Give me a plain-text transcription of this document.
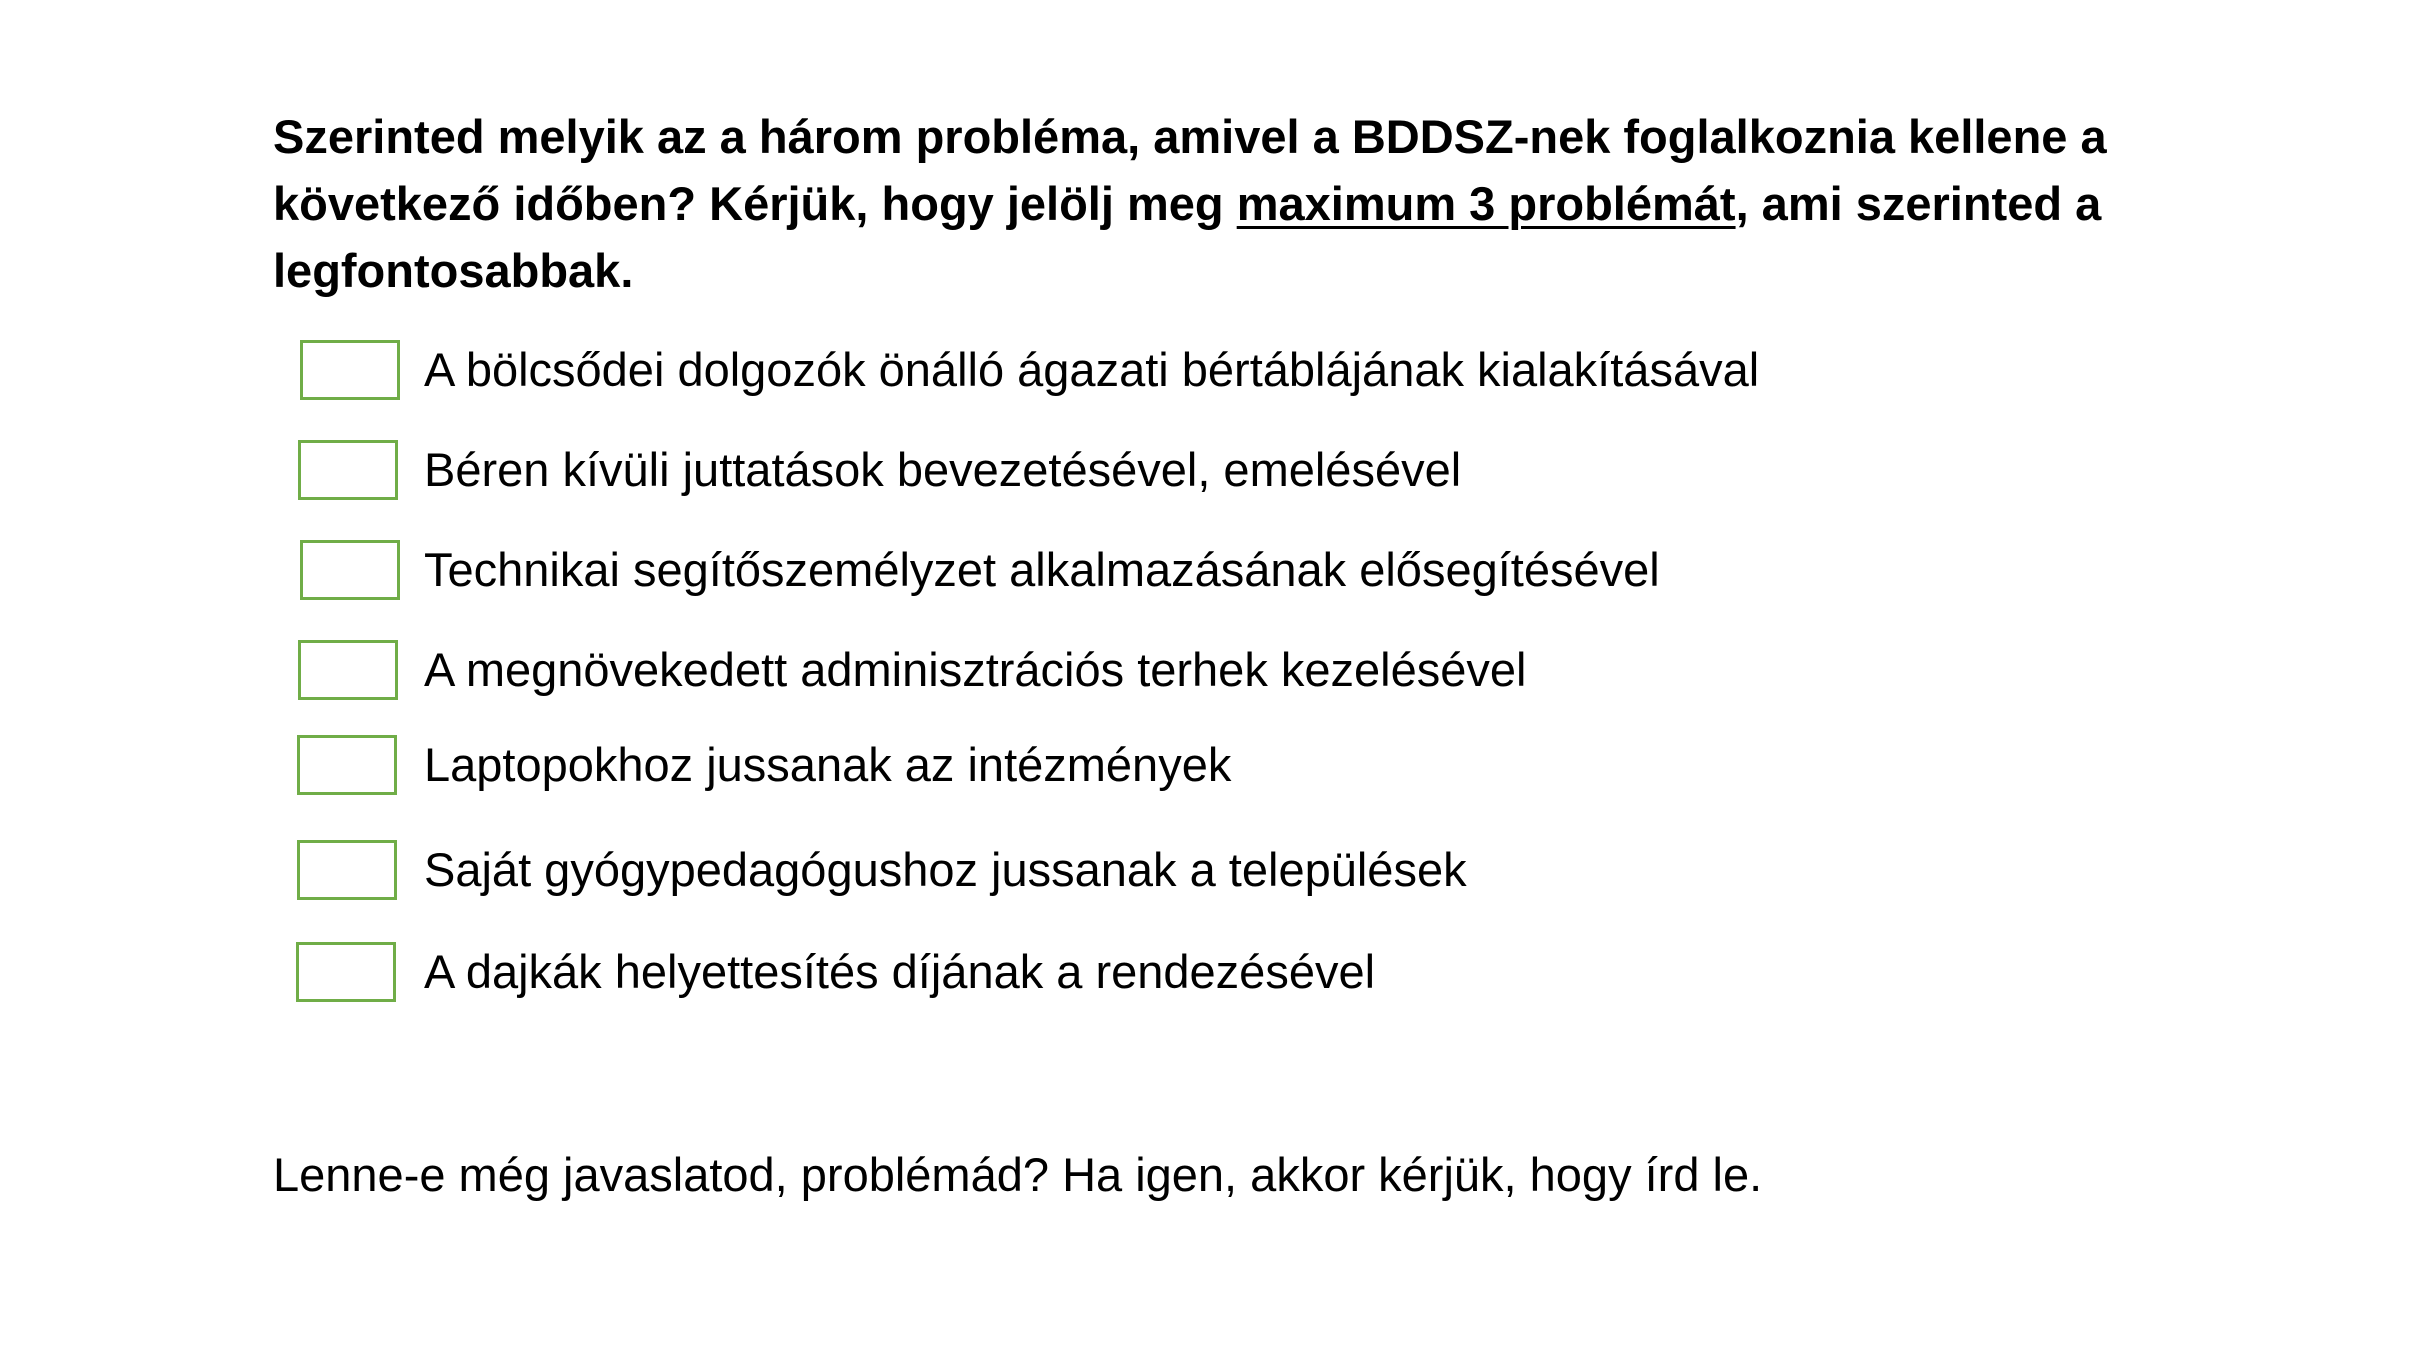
Szerinted melyik az a három probléma, amivel a BDDSZ-nek foglalkoznia kellene a következő időben? Kérjük, hogy jelölj meg maximum 3 problémát, ami szerinted a legfontosabbak.

A bölcsődei dolgozók önálló ágazati bértáblájának kialakításával
Béren kívüli juttatások bevezetésével, emelésével
Technikai segítőszemélyzet alkalmazásának elősegítésével
A megnövekedett adminisztrációs terhek kezelésével
Laptopokhoz jussanak az intézmények
Saját gyógypedagógushoz jussanak a települések
A dajkák helyettesítés díjának a rendezésével

Lenne-e még javaslatod, problémád? Ha igen, akkor kérjük, hogy írd le.
